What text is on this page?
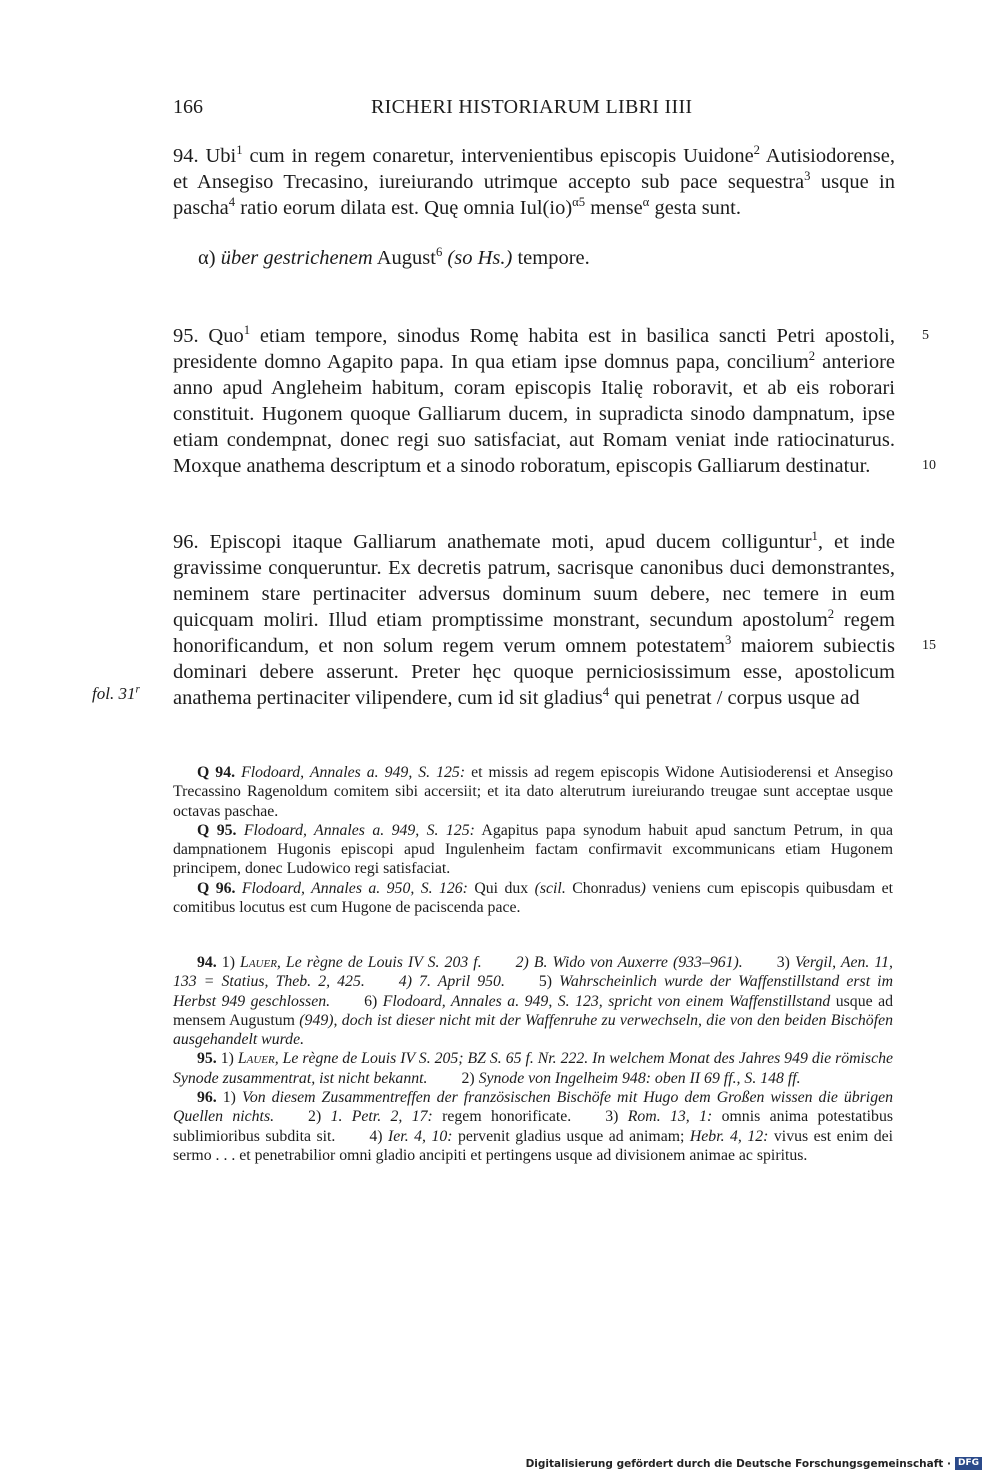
166	RICHERI HISTORIARUM LIBRI IIII

94. Ubi$^1$ cum in regem conaretur, intervenientibus episcopis Uuidone$^2$ Autisiodorense, et Ansegiso Trecasino, iureiurando utrimque accepto sub pace sequestra$^3$ usque in pascha$^4$ ratio eorum dilata est. Quę omnia Iul(io)$^{\alpha 5}$ mense$^\alpha$ gesta sunt.

α) über gestrichenem August$^6$ (so Hs.) tempore.

95. Quo$^1$ etiam tempore, sinodus Romę habita est in basilica sancti Petri apostoli, presidente domno Agapito papa. In qua etiam ipse domnus papa, concilium$^2$ anteriore anno apud Angleheim habitum, coram episcopis Italię roboravit, et ab eis roborari constituit. Hugonem quoque Galliarum ducem, in supradicta sinodo dampnatum, ipse etiam condempnat, donec regi suo satisfaciat, aut Romam veniat inde ratiocinaturus. Moxque anathema descriptum et a sinodo roboratum, episcopis Galliarum destinatur.

96. Episcopi itaque Galliarum anathemate moti, apud ducem colliguntur$^1$, et inde gravissime conqueruntur. Ex decretis patrum, sacrisque canonibus duci demonstrantes, neminem stare pertinaciter adversus dominum suum debere, nec temere in eum quicquam moliri. Illud etiam promptissime monstrant, secundum apostolum$^2$ regem honorificandum, et non solum regem verum omnem potestatem$^3$ maiorem subiectis dominari debere asserunt. Preter hęc quoque perniciosissimum esse, apostolicum anathema pertinaciter vilipendere, cum id sit gladius$^4$ qui penetrat / corpus usque ad

5
10
15
fol. 31$^r$

Q 94. Flodoard, Annales a. 949, S. 125: et missis ad regem episcopis Widone Autisioderensi et Ansegiso Trecassino Ragenoldum comitem sibi accersiit; et ita dato alterutrum iureiurando treugae sunt acceptae usque octavas paschae.

Q 95. Flodoard, Annales a. 949, S. 125: Agapitus papa synodum habuit apud sanctum Petrum, in qua dampnationem Hugonis episcopi apud Ingulenheim factam confirmavit excommunicans etiam Hugonem principem, donec Ludowico regi satisfaciat.

Q 96. Flodoard, Annales a. 950, S. 126: Qui dux (scil. Chonradus) veniens cum episcopis quibusdam et comitibus locutus est cum Hugone de paciscenda pace.

94. 1) Lauer, Le règne de Louis IV S. 203 f. 2) B. Wido von Auxerre (933–961). 3) Vergil, Aen. 11, 133 = Statius, Theb. 2, 425. 4) 7. April 950. 5) Wahrscheinlich wurde der Waffenstillstand erst im Herbst 949 geschlossen. 6) Flodoard, Annales a. 949, S. 123, spricht von einem Waffenstillstand usque ad mensem Augustum (949), doch ist dieser nicht mit der Waffenruhe zu verwechseln, die von den beiden Bischöfen ausgehandelt wurde.

95. 1) Lauer, Le règne de Louis IV S. 205; BZ S. 65 f. Nr. 222. In welchem Monat des Jahres 949 die römische Synode zusammentrat, ist nicht bekannt. 2) Synode von Ingelheim 948: oben II 69 ff., S. 148 ff.

96. 1) Von diesem Zusammentreffen der französischen Bischöfe mit Hugo dem Großen wissen die übrigen Quellen nichts. 2) 1. Petr. 2, 17: regem honorificate. 3) Rom. 13, 1: omnis anima potestatibus sublimioribus subdita sit. 4) Ier. 4, 10: pervenit gladius usque ad animam; Hebr. 4, 12: vivus est enim dei sermo . . . et penetrabilior omni gladio ancipiti et pertingens usque ad divisionem animae ac spiritus.

Digitalisierung gefördert durch die Deutsche Forschungsgemeinschaft · DFG
